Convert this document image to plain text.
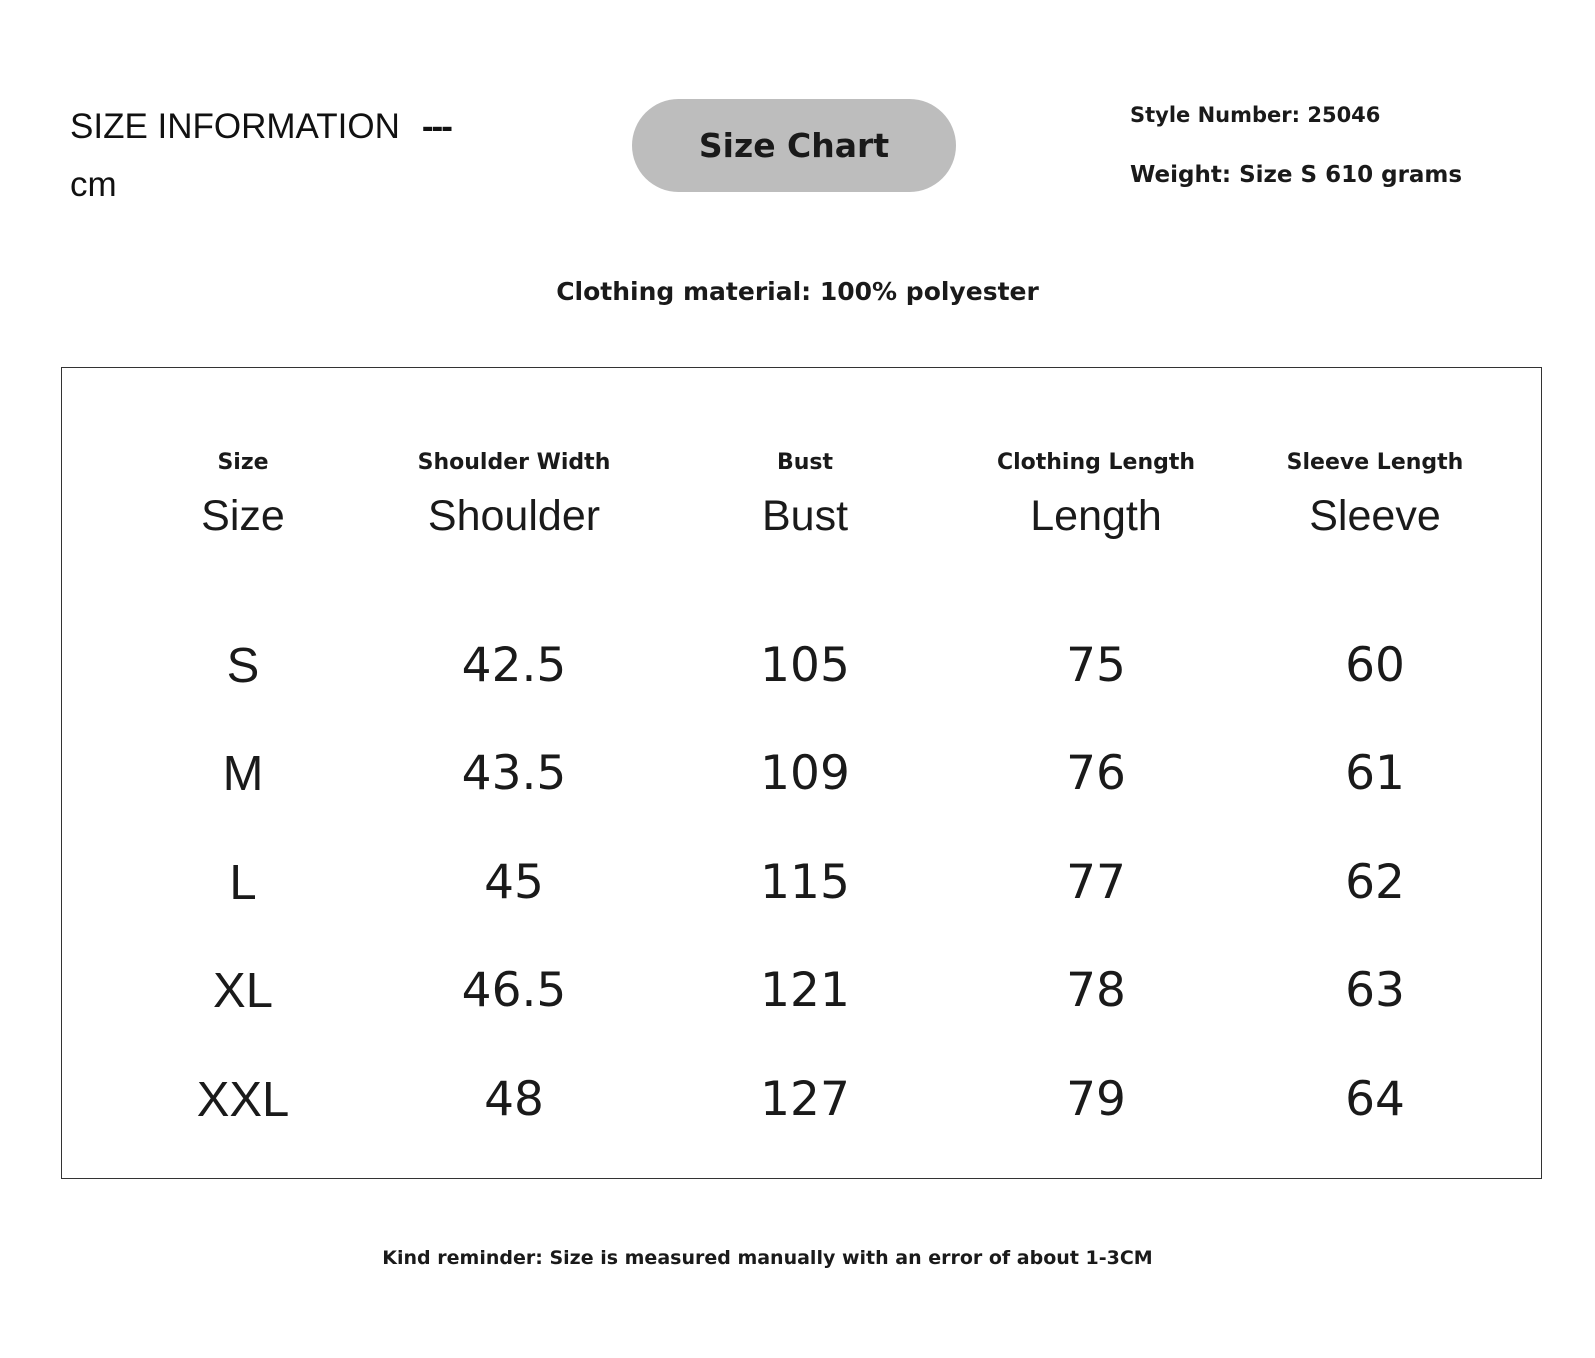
SIZE INFORMATION ---
cm
Size Chart
Style Number: 25046
Weight: Size S 610 grams
Clothing material: 100% polyester
Size
Size
S
M
L
XL
XXL
Shoulder Width
Shoulder
42.5
43.5
45
46.5
48
Bust
Bust
105
109
115
121
127
Clothing Length
Length
75
76
77
78
79
Sleeve Length
Sleeve
60
61
62
63
64
Kind reminder: Size is measured manually with an error of about 1-3CM
